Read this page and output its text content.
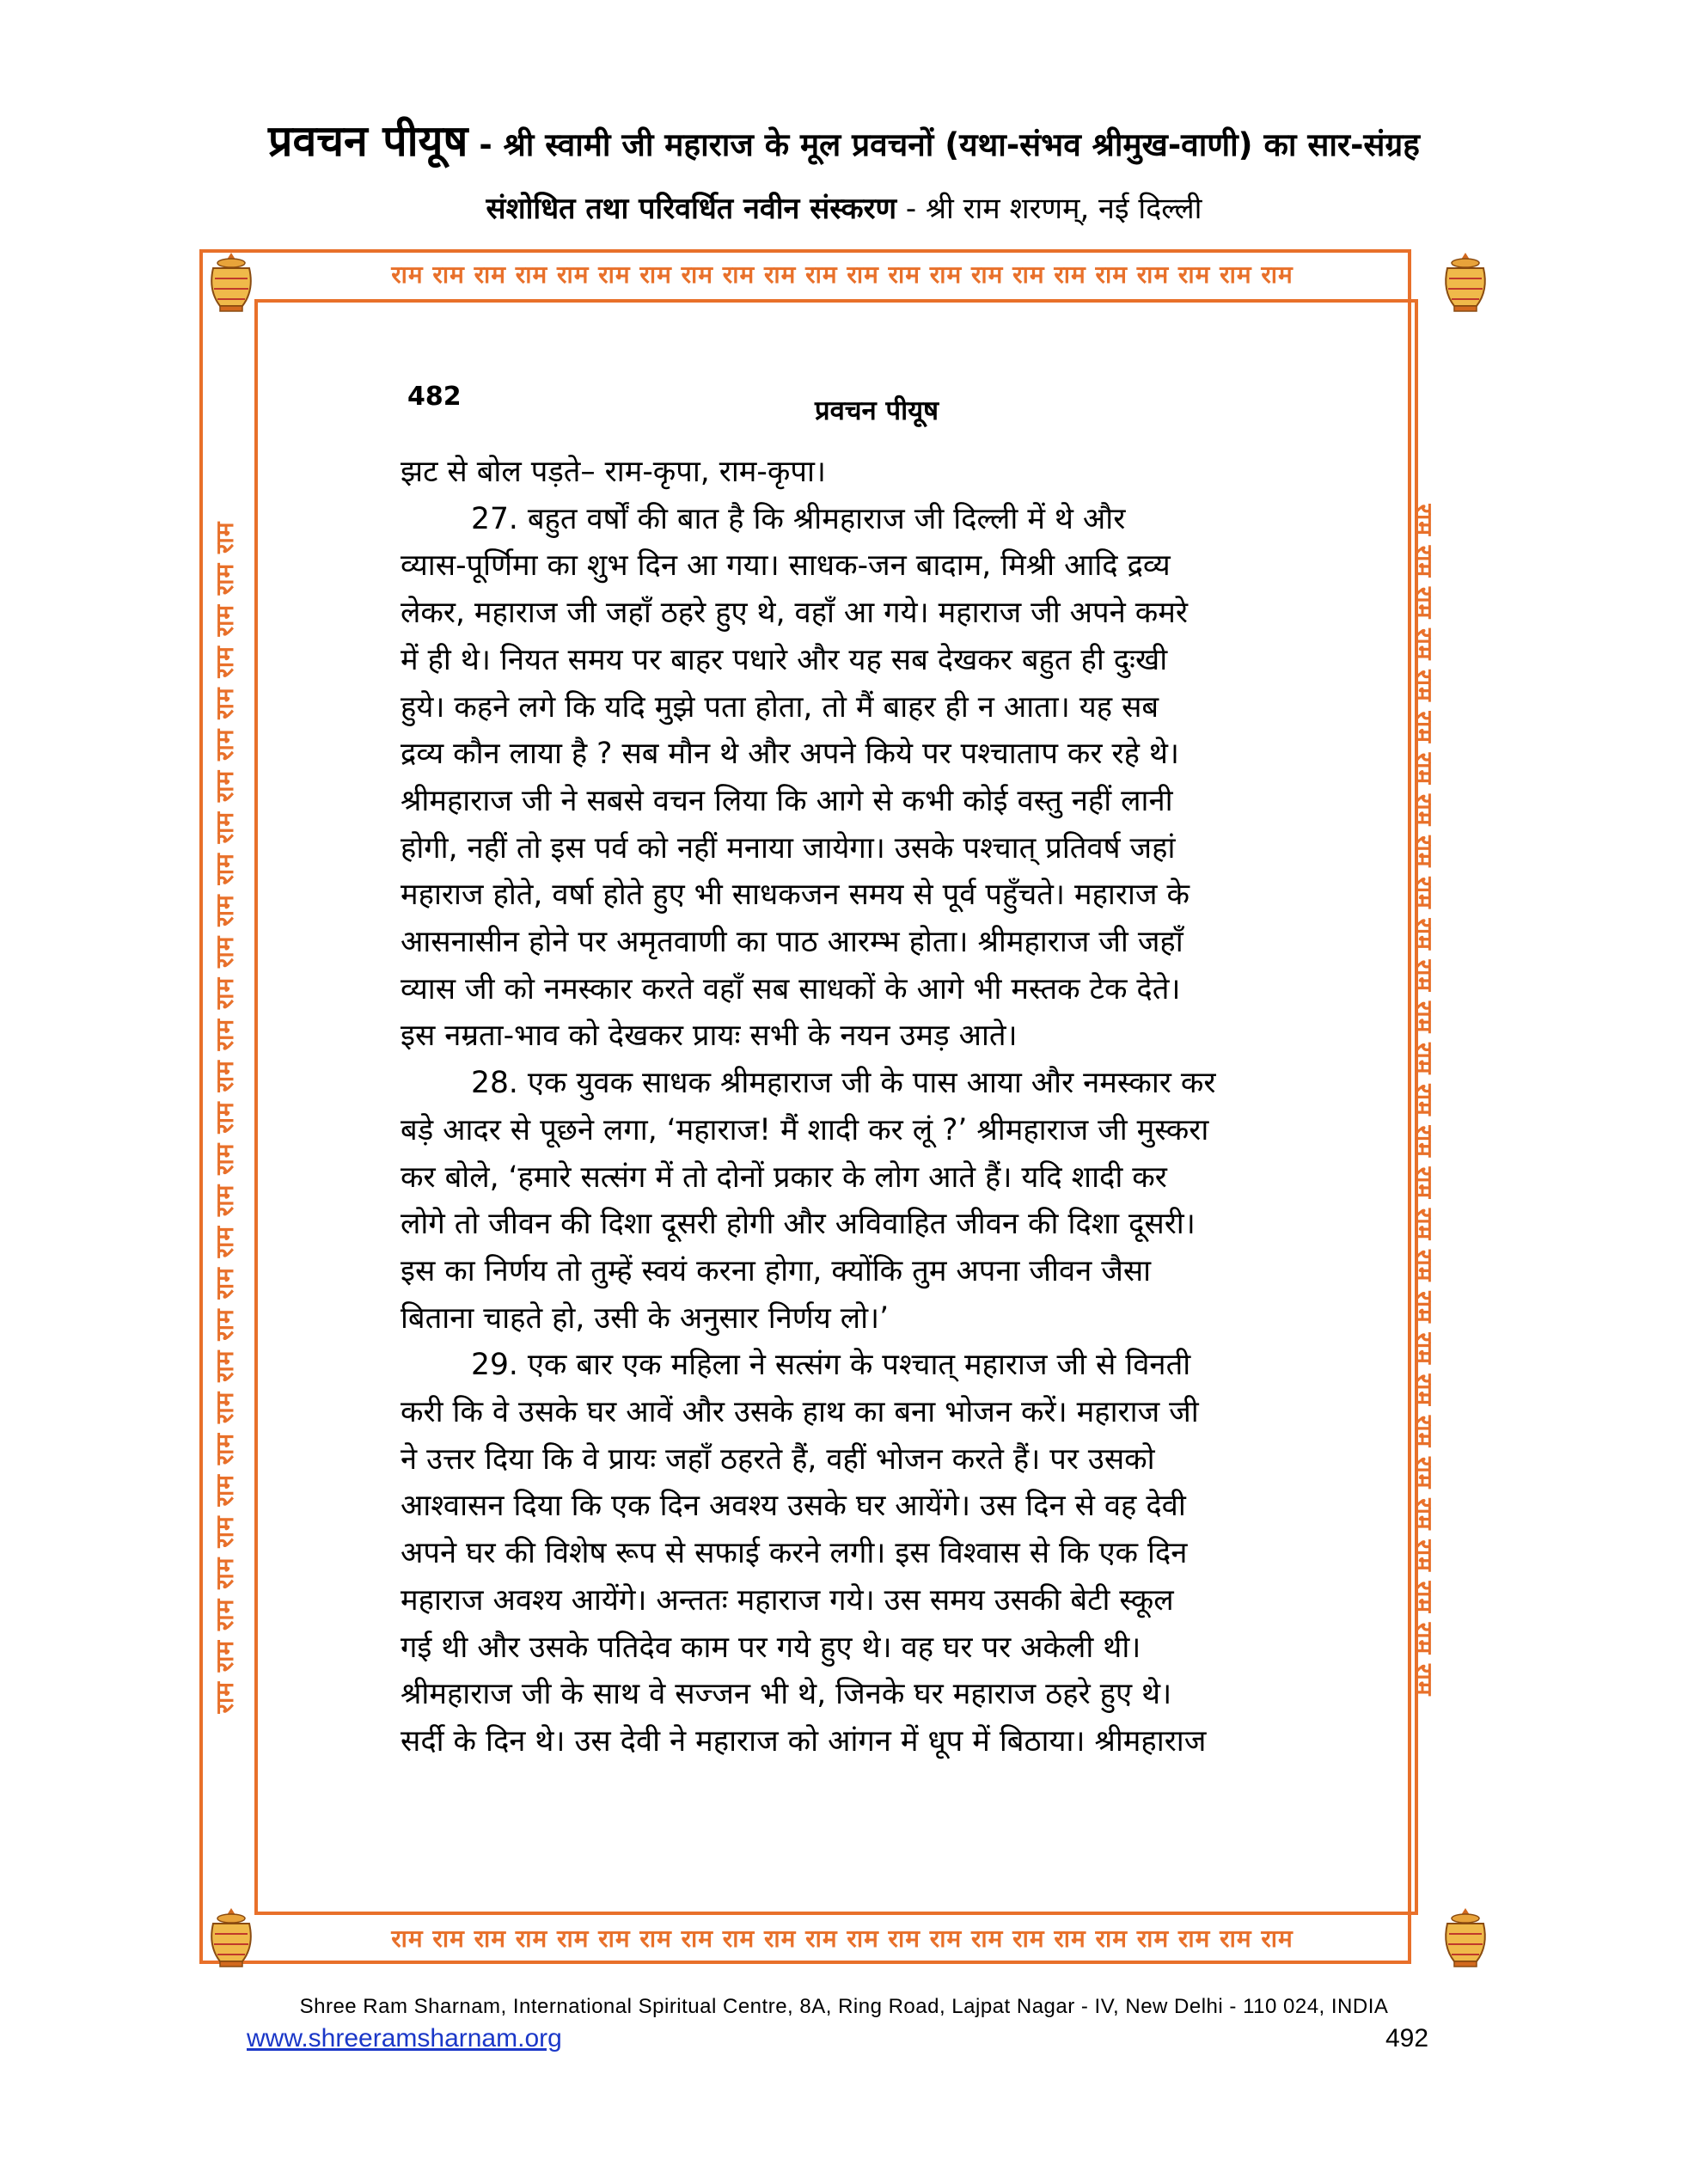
प्रवचन पीयूष - श्री स्वामी जी महाराज के मूल प्रवचनों (यथा-संभव श्रीमुख-वाणी) का सार-संग्रह
संशोधित तथा परिवर्धित नवीन संस्करण - श्री राम शरणम्, नई दिल्ली
राम राम राम राम राम राम राम राम राम राम राम राम राम राम राम राम राम राम राम राम राम राम
राम राम राम राम राम राम राम राम राम राम राम राम राम राम राम राम राम राम राम राम राम राम
राम राम राम राम राम राम राम राम राम राम राम राम राम राम राम राम राम राम राम राम राम राम राम राम राम राम राम राम राम	राम राम राम राम राम राम राम राम राम राम राम राम राम राम राम राम राम राम राम राम राम राम राम राम राम राम राम राम राम
482	प्रवचन पीयूष
झट से बोल पड़ते– राम-कृपा, राम-कृपा।
27. बहुत वर्षों की बात है कि श्रीमहाराज जी दिल्ली में थे और
व्यास-पूर्णिमा का शुभ दिन आ गया। साधक-जन बादाम, मिश्री आदि द्रव्य
लेकर, महाराज जी जहाँ ठहरे हुए थे, वहाँ आ गये। महाराज जी अपने कमरे
में ही थे। नियत समय पर बाहर पधारे और यह सब देखकर बहुत ही दुःखी
हुये। कहने लगे कि यदि मुझे पता होता, तो मैं बाहर ही न आता। यह सब
द्रव्य कौन लाया है ? सब मौन थे और अपने किये पर पश्चाताप कर रहे थे।
श्रीमहाराज जी ने सबसे वचन लिया कि आगे से कभी कोई वस्तु नहीं लानी
होगी, नहीं तो इस पर्व को नहीं मनाया जायेगा। उसके पश्चात् प्रतिवर्ष जहां
महाराज होते, वर्षा होते हुए भी साधकजन समय से पूर्व पहुँचते। महाराज के
आसनासीन होने पर अमृतवाणी का पाठ आरम्भ होता। श्रीमहाराज जी जहाँ
व्यास जी को नमस्कार करते वहाँ सब साधकों के आगे भी मस्तक टेक देते।
इस नम्रता-भाव को देखकर प्रायः सभी के नयन उमड़ आते।
28. एक युवक साधक श्रीमहाराज जी के पास आया और नमस्कार कर
बड़े आदर से पूछने लगा, ‘महाराज! मैं शादी कर लूं ?’ श्रीमहाराज जी मुस्करा
कर बोले, ‘हमारे सत्संग में तो दोनों प्रकार के लोग आते हैं। यदि शादी कर
लोगे तो जीवन की दिशा दूसरी होगी और अविवाहित जीवन की दिशा दूसरी।
इस का निर्णय तो तुम्हें स्वयं करना होगा, क्योंकि तुम अपना जीवन जैसा
बिताना चाहते हो, उसी के अनुसार निर्णय लो।’
29. एक बार एक महिला ने सत्संग के पश्चात् महाराज जी से विनती
करी कि वे उसके घर आवें और उसके हाथ का बना भोजन करें। महाराज जी
ने उत्तर दिया कि वे प्रायः जहाँ ठहरते हैं, वहीं भोजन करते हैं। पर उसको
आश्वासन दिया कि एक दिन अवश्य उसके घर आयेंगे। उस दिन से वह देवी
अपने घर की विशेष रूप से सफाई करने लगी। इस विश्वास से कि एक दिन
महाराज अवश्य आयेंगे। अन्ततः महाराज गये। उस समय उसकी बेटी स्कूल
गई थी और उसके पतिदेव काम पर गये हुए थे। वह घर पर अकेली थी।
श्रीमहाराज जी के साथ वे सज्जन भी थे, जिनके घर महाराज ठहरे हुए थे।
सर्दी के दिन थे। उस देवी ने महाराज को आंगन में धूप में बिठाया। श्रीमहाराज
Shree Ram Sharnam, International Spiritual Centre, 8A, Ring Road, Lajpat Nagar - IV, New Delhi - 110 024, INDIA
www.shreeramsharnam.org	492
